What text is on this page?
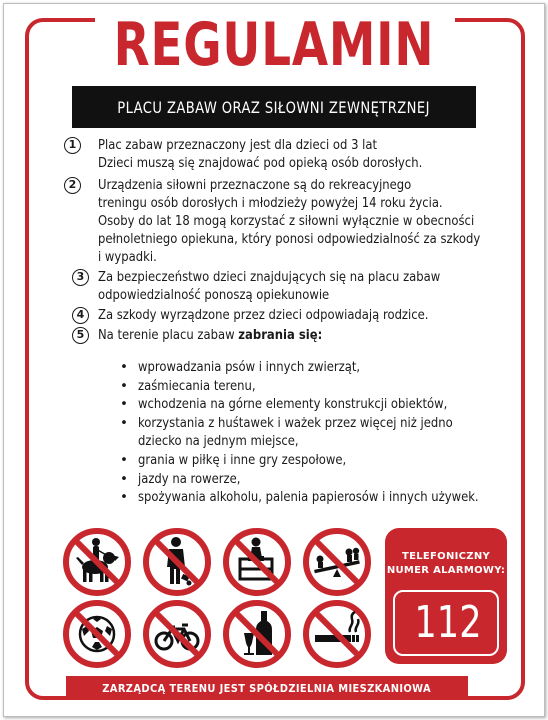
REGULAMIN
PLACU ZABAW ORAZ SIŁOWNI ZEWNĘTRZNEJ
1	Plac zabaw przeznaczony jest dla dzieci od 3 lat
Dzieci muszą się znajdować pod opieką osób dorosłych.
2	Urządzenia siłowni przeznaczone są do rekreacyjnego
treningu osób dorosłych i młodzieży powyżej 14 roku życia.
Osoby do lat 18 mogą korzystać z siłowni wyłącznie w obecności
pełnoletniego opiekuna, który ponosi odpowiedzialność za szkody
i wypadki.
3	Za bezpieczeństwo dzieci znajdujących się na placu zabaw
odpowiedzialność ponoszą opiekunowie
4	Za szkody wyrządzone przez dzieci odpowiadają rodzice.
5	Na terenie placu zabaw zabrania się:
• wprowadzania psów i innych zwierząt,
• zaśmiecania terenu,
• wchodzenia na górne elementy konstrukcji obiektów,
• korzystania z huśtawek i ważek przez więcej niż jedno
dziecko na jednym miejsce,
• grania w piłkę i inne gry zespołowe,
• jazdy na rowerze,
• spożywania alkoholu, palenia papierosów i innych używek.
TELEFONICZNY
NUMER ALARMOWY:
112
ZARZĄDCĄ TERENU JEST SPÓŁDZIELNIA MIESZKANIOWA
